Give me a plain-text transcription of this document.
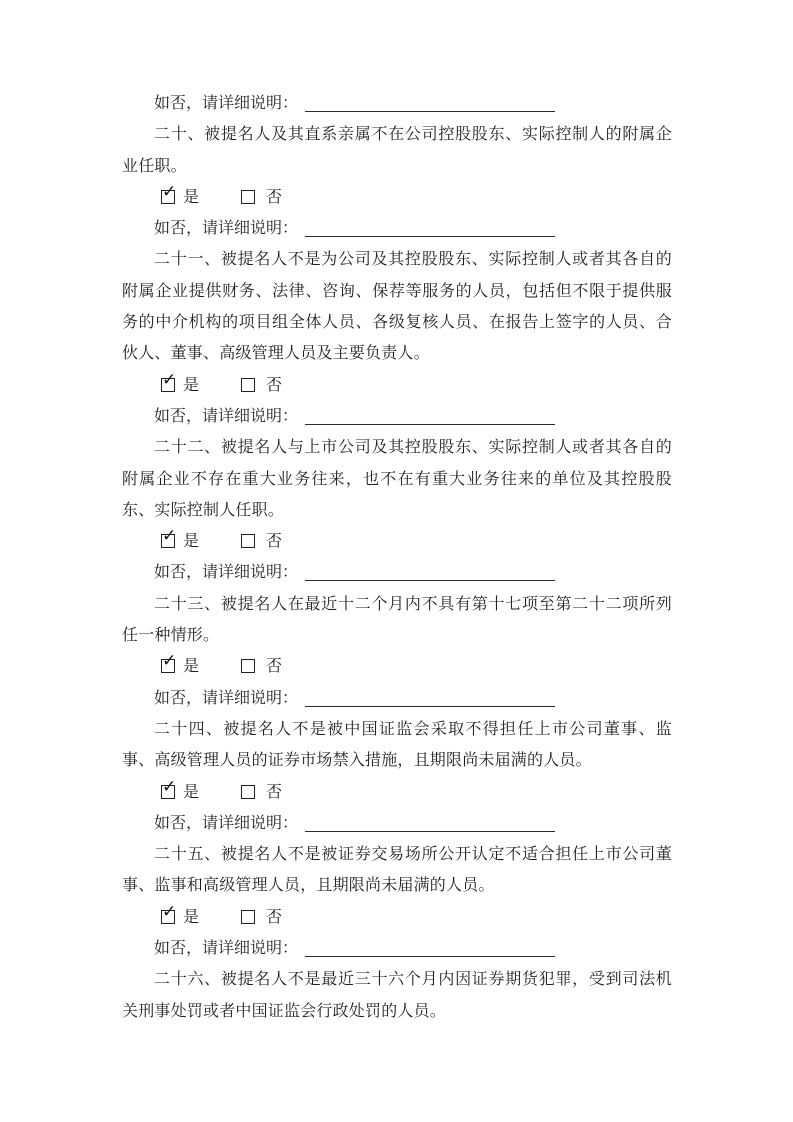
如否，请详细说明：

二十、被提名人及其直系亲属不在公司控股股东、实际控制人的附属企业任职。

✓ 是	否
如否，请详细说明：

二十一、被提名人不是为公司及其控股股东、实际控制人或者其各自的附属企业提供财务、法律、咨询、保荐等服务的人员，包括但不限于提供服务的中介机构的项目组全体人员、各级复核人员、在报告上签字的人员、合伙人、董事、高级管理人员及主要负责人。

✓ 是	否
如否，请详细说明：

二十二、被提名人与上市公司及其控股股东、实际控制人或者其各自的附属企业不存在重大业务往来，也不在有重大业务往来的单位及其控股股东、实际控制人任职。

✓ 是	否
如否，请详细说明：

二十三、被提名人在最近十二个月内不具有第十七项至第二十二项所列任一种情形。

✓ 是	否
如否，请详细说明：

二十四、被提名人不是被中国证监会采取不得担任上市公司董事、监事、高级管理人员的证券市场禁入措施，且期限尚未届满的人员。

✓ 是	否
如否，请详细说明：

二十五、被提名人不是被证券交易场所公开认定不适合担任上市公司董事、监事和高级管理人员，且期限尚未届满的人员。

✓ 是	否
如否，请详细说明：

二十六、被提名人不是最近三十六个月内因证券期货犯罪，受到司法机关刑事处罚或者中国证监会行政处罚的人员。
